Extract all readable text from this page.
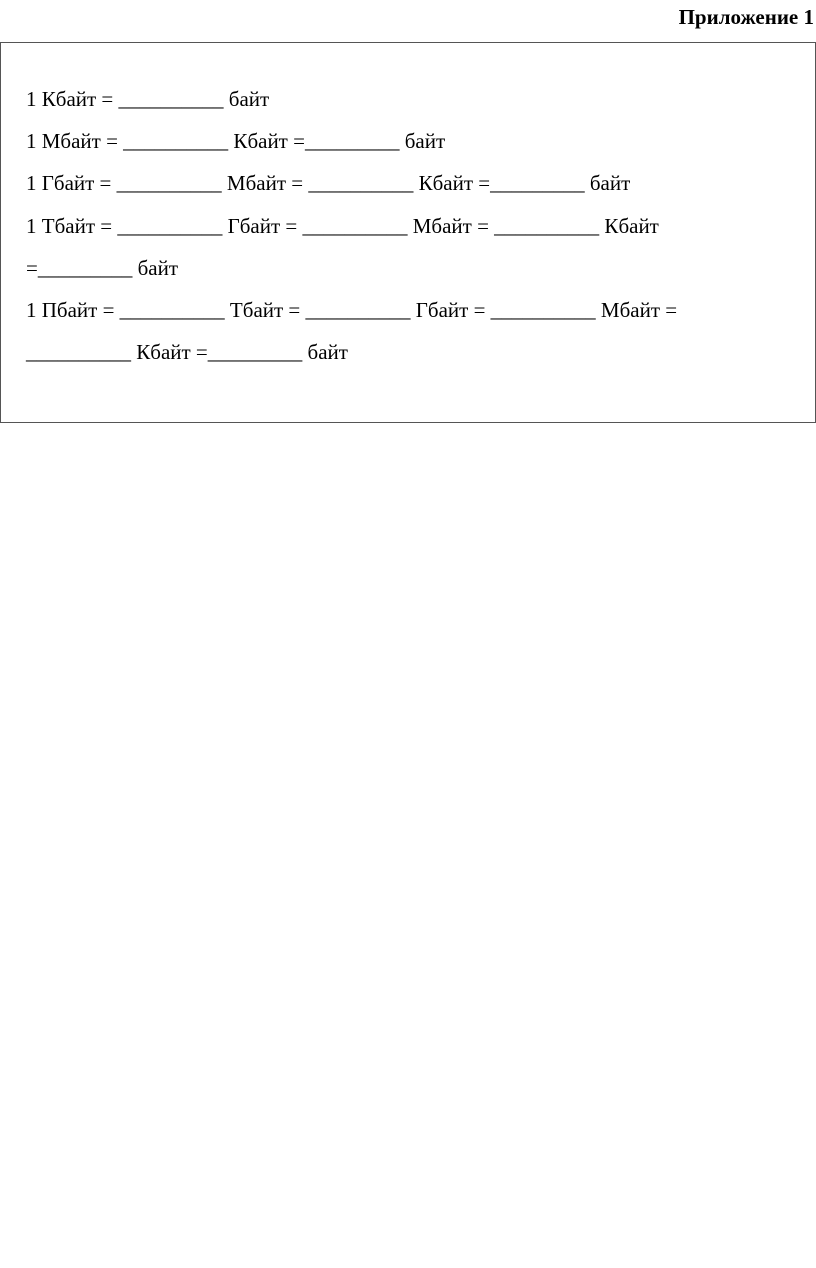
Приложение 1
1 Кбайт = __________ байт
1 Мбайт = __________ Кбайт =_________ байт
1 Гбайт = __________ Мбайт = __________ Кбайт =_________ байт
1 Тбайт = __________ Гбайт = __________ Мбайт = __________ Кбайт
=_________ байт
1 Пбайт = __________ Тбайт = __________ Гбайт = __________ Мбайт =
__________ Кбайт =_________ байт
